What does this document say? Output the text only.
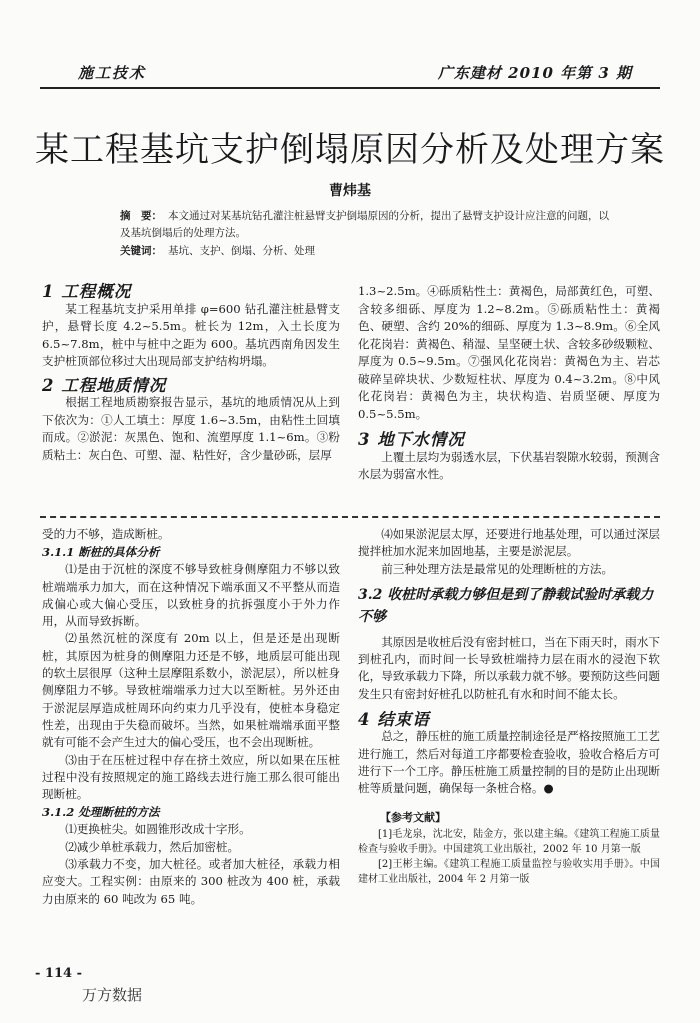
施工技术	广东建材 2010 年第 3 期
某工程基坑支护倒塌原因分析及处理方案
曹炜基
摘　要： 本文通过对某基坑钻孔灌注桩悬臂支护倒塌原因的分析，提出了悬臂支护设计应注意的问题，以及基坑倒塌后的处理方法。
关键词： 基坑、支护、倒塌、分析、处理
1 工程概况

某工程基坑支护采用单排 φ=600 钻孔灌注桩悬臂支护，悬臂长度 4.2~5.5m。桩长为 12m，入土长度为 6.5~7.8m，桩中与桩中之距为 600。基坑西南角因发生支护桩顶部位移过大出现局部支护结构坍塌。

2 工程地质情况

根据工程地质勘察报告显示，基坑的地质情况从上到下依次为：①人工填土：厚度 1.6~3.5m，由粘性土回填而成。②淤泥：灰黑色、饱和、流塑厚度 1.1~6m。③粉质粘土：灰白色、可塑、湿、粘性好，含少量砂砾，层厚

1.3~2.5m。④砾质粘性土：黄褐色，局部黄红色，可塑、含较多细砾、厚度为 1.2~8.2m。⑤砾质粘性土：黄褐色、硬塑、含约 20%的细砾、厚度为 1.3~8.9m。⑥全风化花岗岩：黄褐色、稍湿、呈坚硬土状、含较多砂级颗粒、厚度为 0.5~9.5m。⑦强风化花岗岩：黄褐色为主、岩芯破碎呈碎块状、少数短柱状、厚度为 0.4~3.2m。⑧中风化花岗岩：黄褐色为主，块状构造、岩质坚硬、厚度为 0.5~5.5m。

3 地下水情况

上覆土层均为弱透水层，下伏基岩裂隙水较弱，预测含水层为弱富水性。

受的力不够，造成断桩。

3.1.1 断桩的具体分析

⑴是由于沉桩的深度不够导致桩身侧摩阻力不够以致桩端端承力加大，而在这种情况下端承面又不平整从而造成偏心或大偏心受压，以致桩身的抗拆强度小于外力作用，从而导致拆断。

⑵虽然沉桩的深度有 20m 以上，但是还是出现断桩，其原因为桩身的侧摩阻力还是不够，地质层可能出现的软土层很厚（这种土层摩阻系数小，淤泥层），所以桩身侧摩阻力不够。导致桩端端承力过大以至断桩。另外还由于淤泥层厚造成桩周环向约束力几乎没有，使桩本身稳定性差，出现由于失稳而破坏。当然，如果桩端端承面平整就有可能不会产生过大的偏心受压，也不会出现断桩。

⑶由于在压桩过程中存在挤土效应，所以如果在压桩过程中没有按照规定的施工路线去进行施工那么很可能出现断桩。

3.1.2 处理断桩的方法

⑴更换桩尖。如圆锥形改成十字形。

⑵减少单桩承载力，然后加密桩。

⑶承载力不变，加大桩径。或者加大桩径，承载力相应变大。工程实例：由原来的 300 桩改为 400 桩，承载力由原来的 60 吨改为 65 吨。

⑷如果淤泥层太厚，还要进行地基处理，可以通过深层搅拌桩加水泥来加固地基，主要是淤泥层。

前三种处理方法是最常见的处理断桩的方法。

3.2 收桩时承载力够但是到了静载试验时承载力不够

其原因是收桩后没有密封桩口，当在下雨天时，雨水下到桩孔内，而时间一长导致桩端持力层在雨水的浸泡下软化，导致承载力下降，所以承载力就不够。要预防这些问题发生只有密封好桩孔以防桩孔有水和时间不能太长。

4 结束语

总之，静压桩的施工质量控制途径是严格按照施工工艺进行施工，然后对每道工序都要检查验收，验收合格后方可进行下一个工序。静压桩施工质量控制的目的是防止出现断桩等质量问题，确保每一条桩合格。●

【参考文献】

[1]毛龙泉，沈北安，陆金方，张以建主编。《建筑工程施工质量检查与验收手册》。中国建筑工业出版社，2002 年 10 月第一版

[2]王彬主编。《建筑工程施工质量监控与验收实用手册》。中国建材工业出版社，2004 年 2 月第一版

- 114 -
万方数据
